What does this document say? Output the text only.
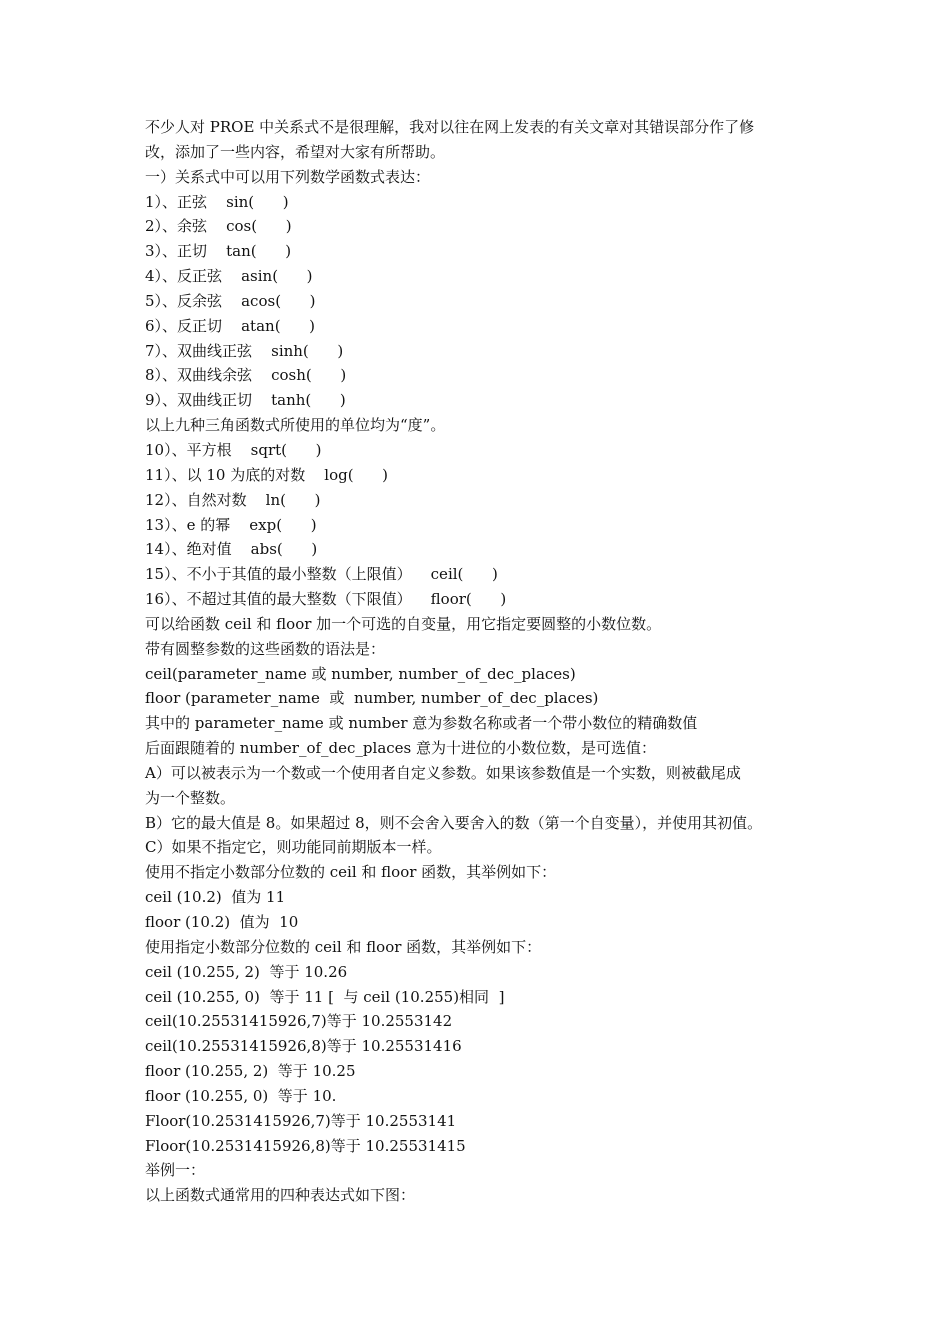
不少人对 PROE 中关系式不是很理解，我对以往在网上发表的有关文章对其错误部分作了修
改，添加了一些内容，希望对大家有所帮助。
一）关系式中可以用下列数学函数式表达：
1）、正弦    sin(      )
2）、余弦    cos(      )
3）、正切    tan(      )
4）、反正弦    asin(      )
5）、反余弦    acos(      )
6）、反正切    atan(      )
7）、双曲线正弦    sinh(      )
8）、双曲线余弦    cosh(      )
9）、双曲线正切    tanh(      )
以上九种三角函数式所使用的单位均为“度”。
10）、平方根    sqrt(      )
11）、以 10 为底的对数    log(      )
12）、自然对数    ln(      )
13）、e 的幂    exp(      )
14）、绝对值    abs(      )
15）、不小于其值的最小整数（上限值）    ceil(      )
16）、不超过其值的最大整数（下限值）    floor(      )
可以给函数 ceil 和 floor 加一个可选的自变量，用它指定要圆整的小数位数。
带有圆整参数的这些函数的语法是：
ceil(parameter_name 或 number, number_of_dec_places)
floor (parameter_name  或  number, number_of_dec_places)
其中的 parameter_name 或 number 意为参数名称或者一个带小数位的精确数值
后面跟随着的 number_of_dec_places 意为十进位的小数位数，是可选值：
A）可以被表示为一个数或一个使用者自定义参数。如果该参数值是一个实数，则被截尾成
为一个整数。
B）它的最大值是 8。如果超过 8，则不会舍入要舍入的数（第一个自变量），并使用其初值。
C）如果不指定它，则功能同前期版本一样。
使用不指定小数部分位数的 ceil 和 floor 函数，其举例如下：
ceil (10.2)  值为 11
floor (10.2)  值为  10
使用指定小数部分位数的 ceil 和 floor 函数，其举例如下：
ceil (10.255, 2)  等于 10.26
ceil (10.255, 0)  等于 11 [  与 ceil (10.255)相同  ]
ceil(10.25531415926,7)等于 10.2553142
ceil(10.25531415926,8)等于 10.25531416
floor (10.255, 2)  等于 10.25
floor (10.255, 0)  等于 10.
Floor(10.2531415926,7)等于 10.2553141
Floor(10.2531415926,8)等于 10.25531415
举例一：
以上函数式通常用的四种表达式如下图：
